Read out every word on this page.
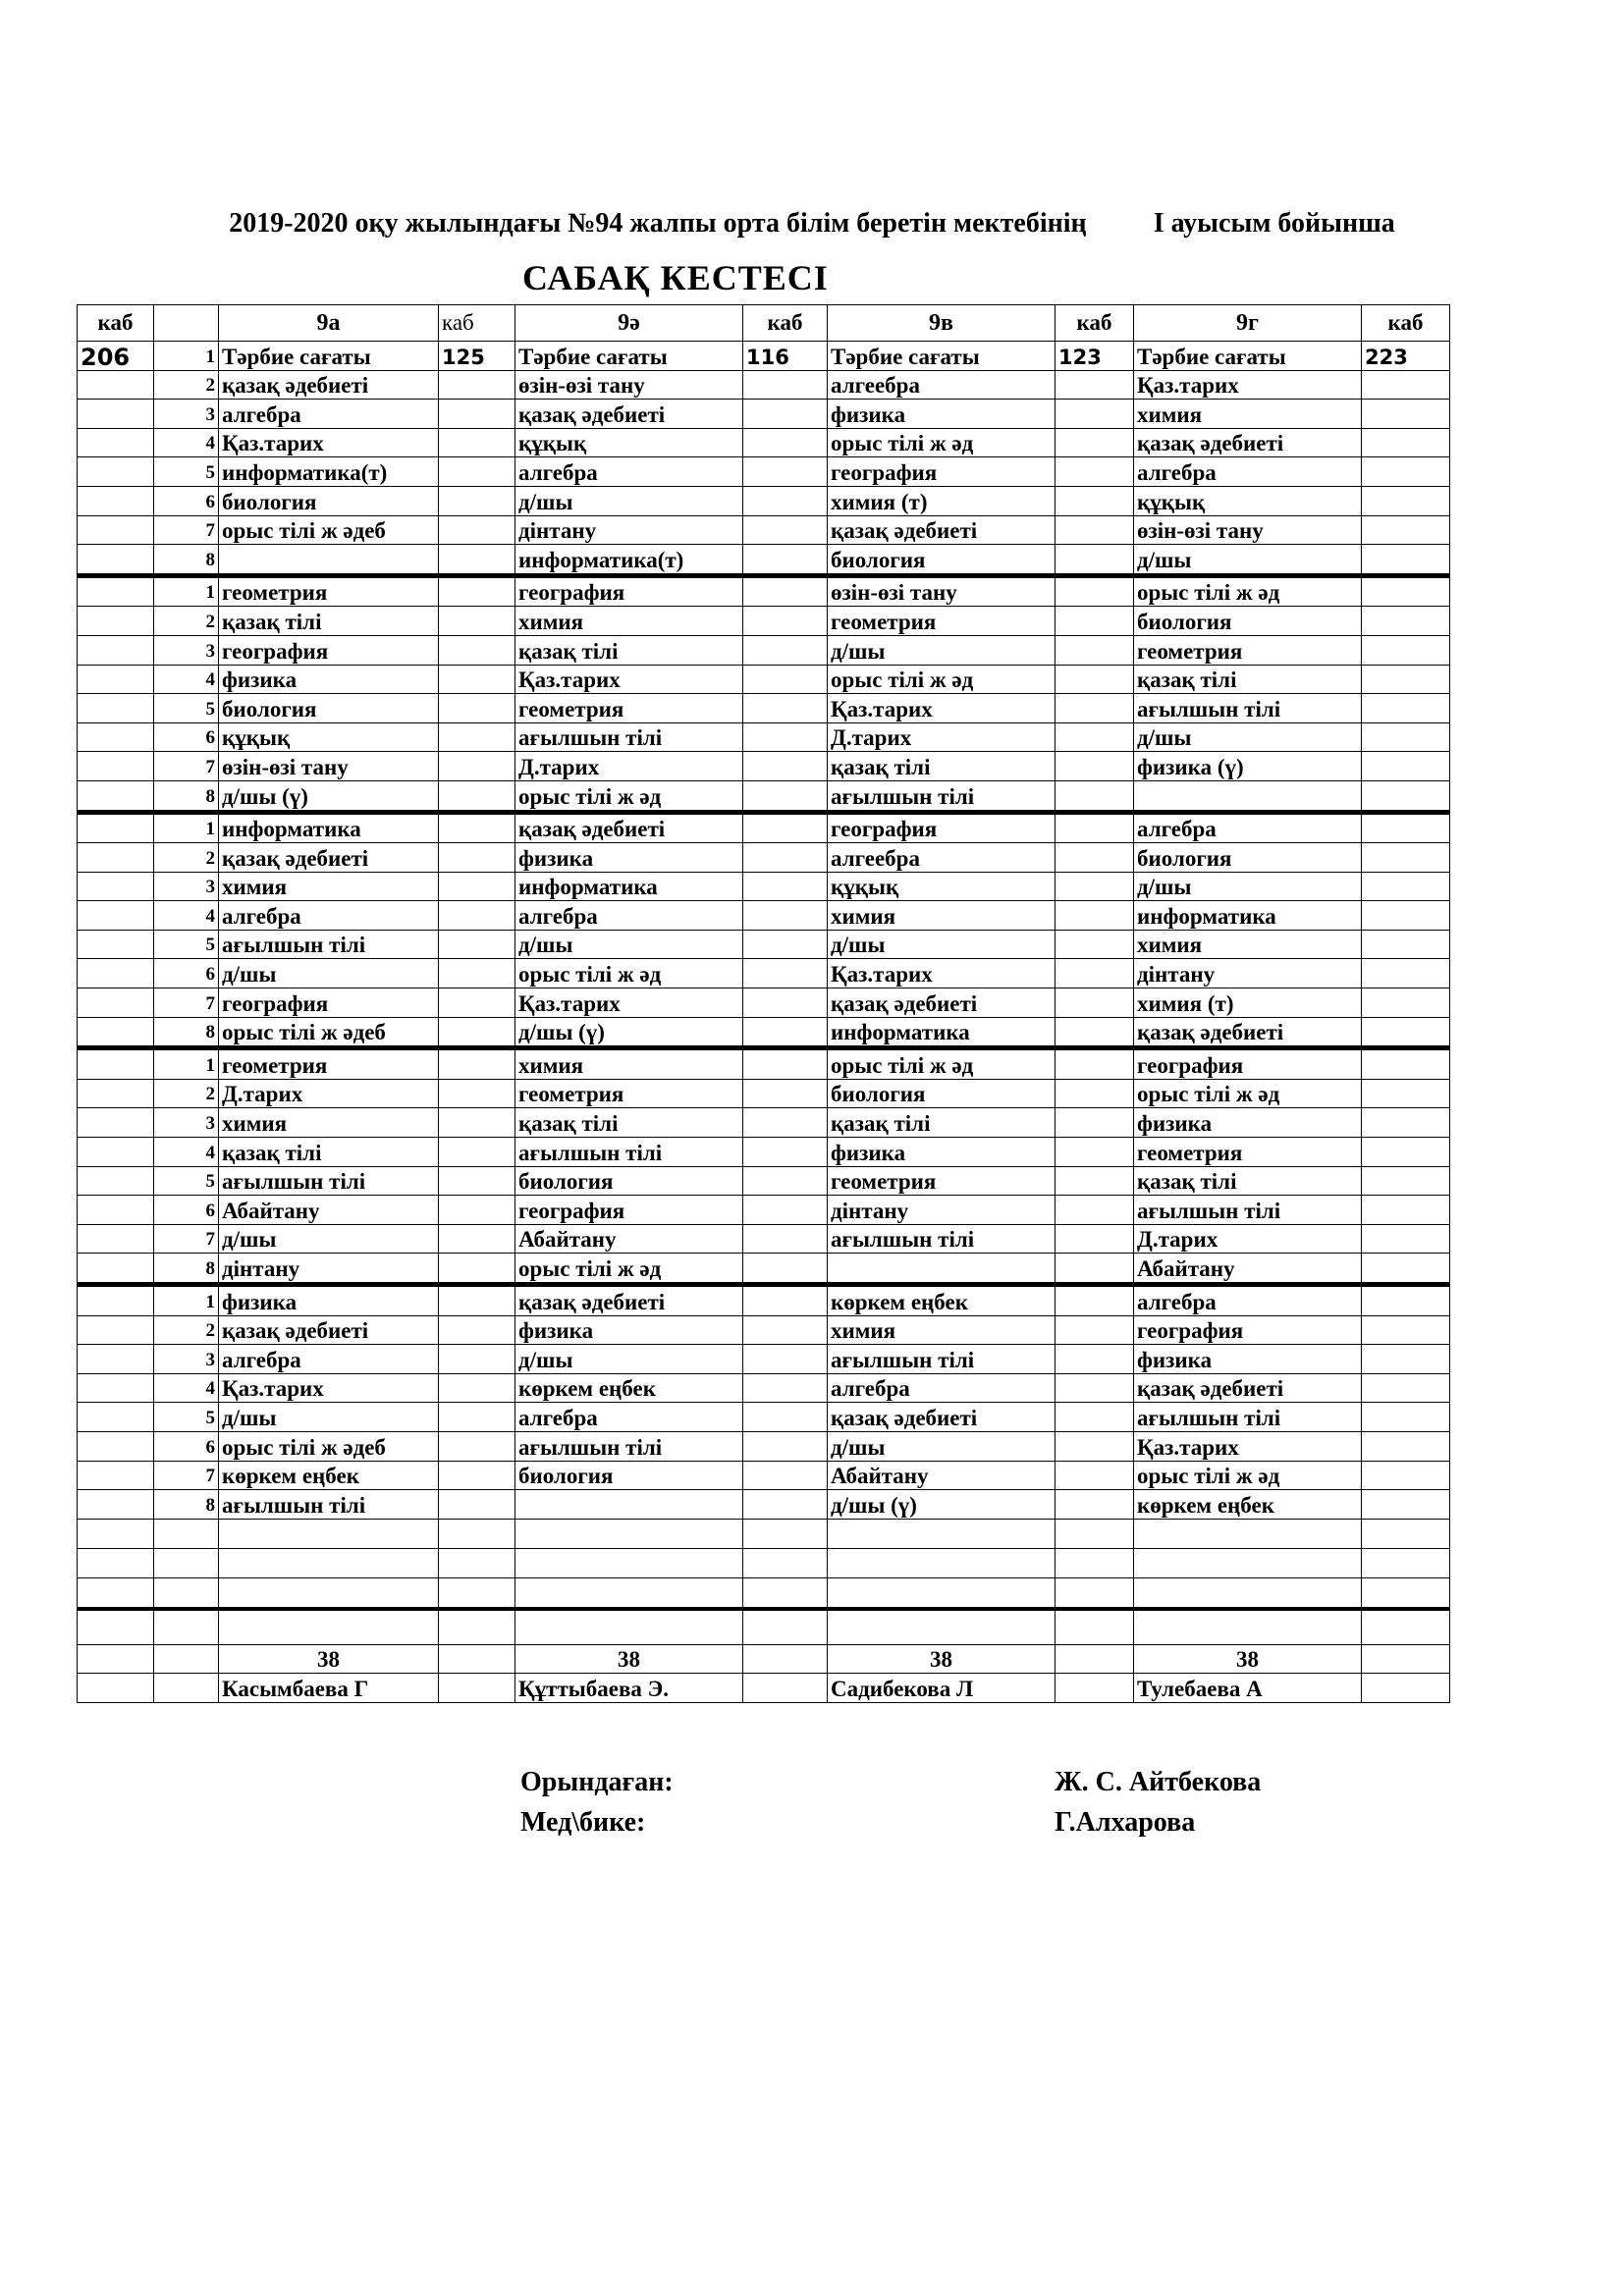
2019-2020 оқу жылындағы №94 жалпы орта білім беретін мектебінің I ауысым бойынша
САБАҚ КЕСТЕСІ
каб		9а	каб	9ә	каб	9в	каб	9г	каб
206	1	Тәрбие сағаты	125	Тәрбие сағаты	116	Тәрбие сағаты	123	Тәрбие сағаты	223
	2	қазақ әдебиеті		өзін-өзі тану		алгеебра		Қаз.тарих	
	3	алгебра		қазақ әдебиеті		физика		химия	
	4	Қаз.тарих		құқық		орыс тілі ж әд		қазақ әдебиеті	
	5	информатика(т)		алгебра		география		алгебра	
	6	биология		д/шы		химия (т)		құқық	
	7	орыс тілі ж әдеб		дінтану		қазақ әдебиеті		өзін-өзі тану	
	8			информатика(т)		биология		д/шы	
	1	геометрия		география		өзін-өзі тану		орыс тілі ж әд	
	2	қазақ тілі		химия		геометрия		биология	
	3	география		қазақ тілі		д/шы		геометрия	
	4	физика		Қаз.тарих		орыс тілі ж әд		қазақ тілі	
	5	биология		геометрия		Қаз.тарих		ағылшын тілі	
	6	құқық		ағылшын тілі		Д.тарих		д/шы	
	7	өзін-өзі тану		Д.тарих		қазақ тілі		физика (ү)	
	8	д/шы (ү)		орыс тілі ж әд		ағылшын тілі			
	1	информатика		қазақ әдебиеті		география		алгебра	
	2	қазақ әдебиеті		физика		алгеебра		биология	
	3	химия		информатика		құқық		д/шы	
	4	алгебра		алгебра		химия		информатика	
	5	ағылшын тілі		д/шы		д/шы		химия	
	6	д/шы		орыс тілі ж әд		Қаз.тарих		дінтану	
	7	география		Қаз.тарих		қазақ әдебиеті		химия (т)	
	8	орыс тілі ж әдеб		д/шы (ү)		информатика		қазақ әдебиеті	
	1	геометрия		химия		орыс тілі ж әд		география	
	2	Д.тарих		геометрия		биология		орыс тілі ж әд	
	3	химия		қазақ тілі		қазақ тілі		физика	
	4	қазақ тілі		ағылшын тілі		физика		геометрия	
	5	ағылшын тілі		биология		геометрия		қазақ тілі	
	6	Абайтану		география		дінтану		ағылшын тілі	
	7	д/шы		Абайтану		ағылшын тілі		Д.тарих	
	8	дінтану		орыс тілі ж әд				Абайтану	
	1	физика		қазақ әдебиеті		көркем еңбек		алгебра	
	2	қазақ әдебиеті		физика		химия		география	
	3	алгебра		д/шы		ағылшын тілі		физика	
	4	Қаз.тарих		көркем еңбек		алгебра		қазақ әдебиеті	
	5	д/шы		алгебра		қазақ әдебиеті		ағылшын тілі	
	6	орыс тілі ж әдеб		ағылшын тілі		д/шы		Қаз.тарих	
	7	көркем еңбек		биология		Абайтану		орыс тілі ж әд	
	8	ағылшын тілі				д/шы (ү)		көркем еңбек	

		38		38		38		38	
		Касымбаева Г		Құттыбаева Э.		Садибекова Л		Тулебаева А	
Орындаған:	Ж. С. Айтбекова
Мед\бике:	Г.Алхарова
